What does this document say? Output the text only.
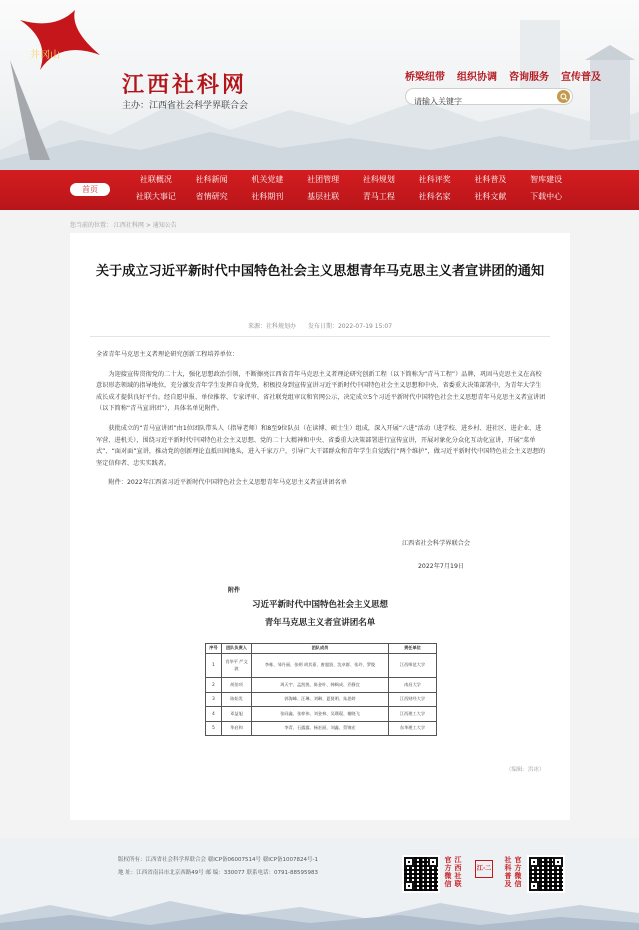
井冈山
江西社科网
主办：江西省社会科学界联合会
桥梁纽带 组织协调 咨询服务 宣传普及
请输入关键字
首页
社联概况	社科新闻	机关党建	社团管理	社科规划	社科评奖	社科普及	智库建设
社联大事记	省情研究	社科期刊	基层社联	青马工程	社科名家	社科文献	下载中心
您当前的位置： 江西社科网 > 通知公告
关于成立习近平新时代中国特色社会主义思想青年马克思主义者宣讲团的通知
来源：社科规划办 发布日期：2022-07-19 15:07

全省青年马克思主义者理论研究创新工程培养单位：

为迎接宣传贯彻党的二十大，强化思想政治引领，不断擦亮江西省青年马克思主义者理论研究创新工程（以下简称为“青马工程”）品牌，巩固马克思主义在高校意识形态领域的指导地位，充分激发青年学生发挥自身优势，积极投身到宣传宣讲习近平新时代中国特色社会主义思想和中央、省委重大决策部署中，为青年大学生成长成才提供良好平台。经自愿申报、单位推荐、专家评审、省社联党组审议和官网公示，决定成立5个习近平新时代中国特色社会主义思想青年马克思主义者宣讲团（以下简称“青马宣讲团”），具体名单见附件。

获批成立的“青马宣讲团”由1位团队带头人（指导老师）和8至9位队员（在读博、硕士生）组成，深入开展“六进”活动（进学校、进乡村、进社区、进企业、进军营、进机关），围绕习近平新时代中国特色社会主义思想、党的二十大精神和中央、省委重大决策部署进行宣传宣讲，开展对象化分众化互动化宣讲，开展“菜单式”、“面对面”宣讲，推动党的创新理论直抵田间地头，进入千家万户，引导广大干部群众和青年学生自觉践行“两个维护”，做习近平新时代中国特色社会主义思想的坚定信仰者、忠实实践者。

附件：2022年江西省习近平新时代中国特色社会主义思想青年马克思主义者宣讲团名单

江西省社会科学界联合会
2022年7月19日
附件
习近平新时代中国特色社会主义思想
青年马克思主义者宣讲团名单
序号	团队负责人	团队成员	责任单位
1	肖华平 严文波	李栋、邹丹丽、张朔 胡其嘉、唐超贤、沈卓群、张玲、罗俊	江西师范大学
2	胡伯项	周天宇、孟凯悦、陈金叶、韩枫成、乔静宜	南昌大学
3	陈始发	郭海峰、汪琳、刘琳、夏贤明、朱思婷	江西财经大学
4	邓益旭	张同鑫、张梓伟、刘金林、吴璞琨、谢晓飞	江西理工大学
5	华启和	李青、石露露、杨宏丽、刘鑫、蔡锦宏	东华理工大学
（编辑：洪冰）
版权所有：江西省社会科学界联合会 赣ICP备06007514号 赣ICP备1007824号-1
地 址：江西省南昌市北京西路49号 邮 编：330077 联系电话：0791-88595983	官方微信 江西社联	江·二 社科普及 官方微信
